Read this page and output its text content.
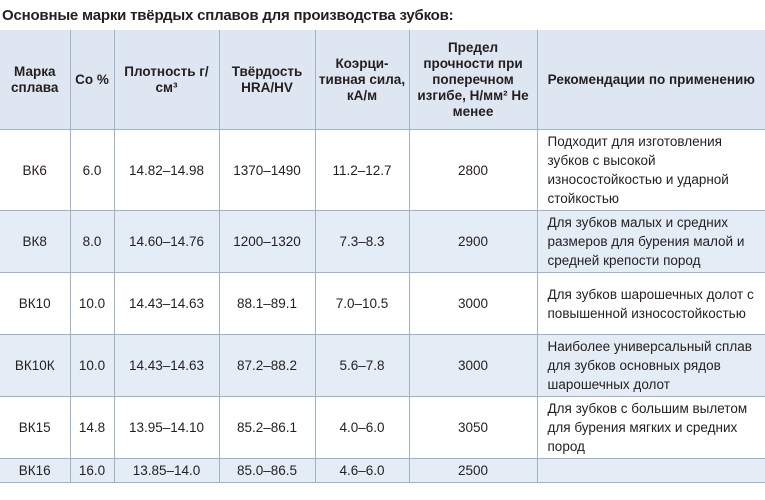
Основные марки твёрдых сплавов для производства зубков:
Марка сплава	Co %	Плотность г/см³	Твёрдость HRA/HV	Коэрци-тивная сила, кА/м	Предел прочности при поперечном изгибе, Н/мм² Не менее	Рекомендации по применению
ВК6	6.0	14.82–14.98	1370–1490	11.2–12.7	2800	Подходит для изготовления зубков с высокой износостойкостью и ударной стойкостью
ВК8	8.0	14.60–14.76	1200–1320	7.3–8.3	2900	Для зубков малых и средних размеров для бурения малой и средней крепости пород
ВК10	10.0	14.43–14.63	88.1–89.1	7.0–10.5	3000	Для зубков шарошечных долот с повышенной износостойкостью
ВК10К	10.0	14.43–14.63	87.2–88.2	5.6–7.8	3000	Наиболее универсальный сплав для зубков основных рядов шарошечных долот
ВК15	14.8	13.95–14.10	85.2–86.1	4.0–6.0	3050	Для зубков с большим вылетом для бурения мягких и средних пород
ВК16	16.0	13.85–14.0	85.0–86.5	4.6–6.0	2500	
